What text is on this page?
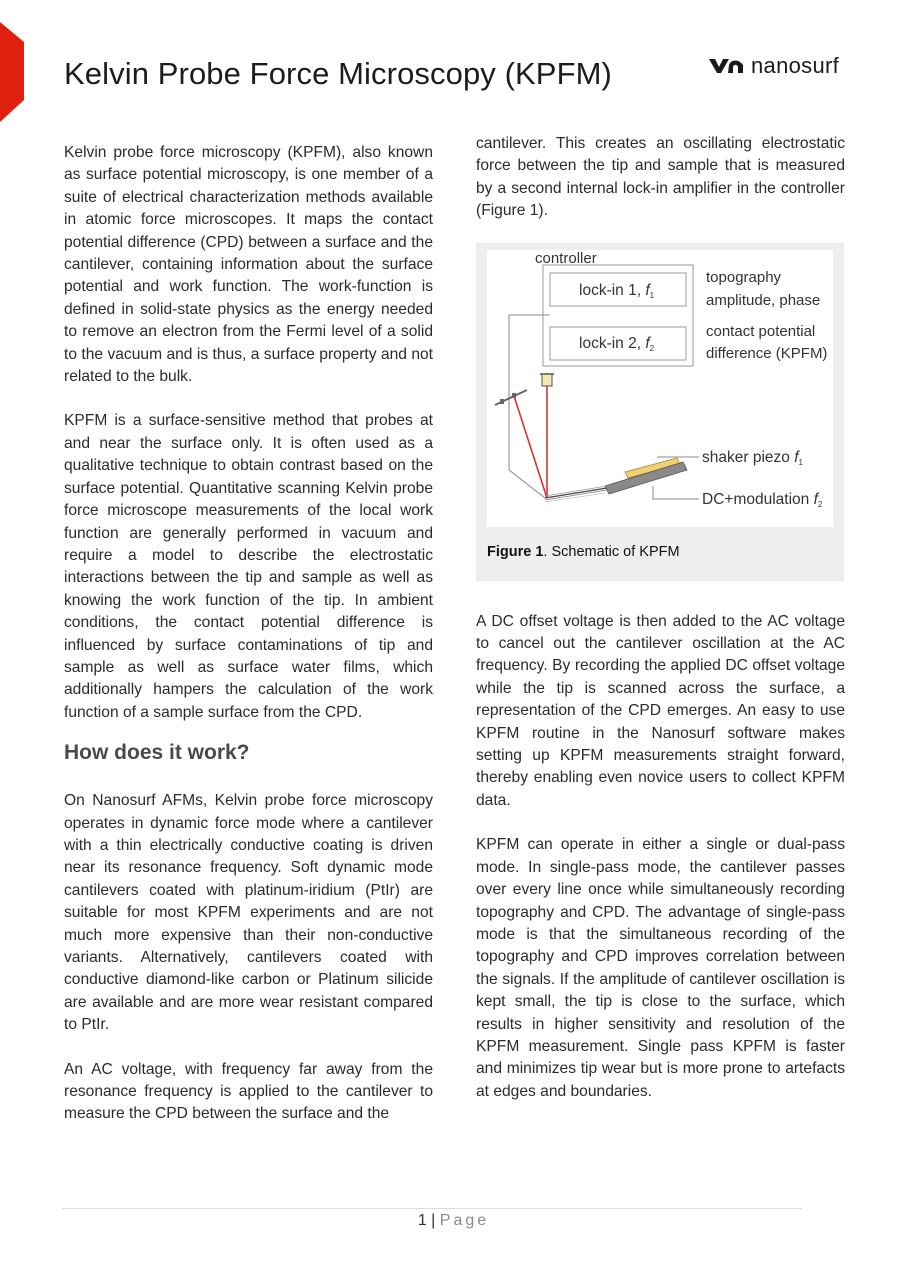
Kelvin Probe Force Microscopy (KPFM)	nanosurf

Kelvin probe force microscopy (KPFM), also known as surface potential microscopy, is one member of a suite of electrical characterization methods available in atomic force microscopes. It maps the contact potential difference (CPD) between a surface and the cantilever, containing information about the surface potential and work function. The work-function is defined in solid-state physics as the energy needed to remove an electron from the Fermi level of a solid to the vacuum and is thus, a surface property and not related to the bulk.

KPFM is a surface-sensitive method that probes at and near the surface only. It is often used as a qualitative technique to obtain contrast based on the surface potential. Quantitative scanning Kelvin probe force microscope measurements of the local work function are generally performed in vacuum and require a model to describe the electrostatic interactions between the tip and sample as well as knowing the work function of the tip. In ambient conditions, the contact potential difference is influenced by surface contaminations of tip and sample as well as surface water films, which additionally hampers the calculation of the work function of a sample surface from the CPD.

How does it work?

On Nanosurf AFMs, Kelvin probe force microscopy operates in dynamic force mode where a cantilever with a thin electrically conductive coating is driven near its resonance frequency. Soft dynamic mode cantilevers coated with platinum-iridium (PtIr) are suitable for most KPFM experiments and are not much more expensive than their non-conductive variants. Alternatively, cantilevers coated with conductive diamond-like carbon or Platinum silicide are available and are more wear resistant compared to PtIr.

An AC voltage, with frequency far away from the resonance frequency is applied to the cantilever to measure the CPD between the surface and the

cantilever. This creates an oscillating electrostatic force between the tip and sample that is measured by a second internal lock-in amplifier in the controller (Figure 1).

controller
lock-in 1, f1
lock-in 2, f2
topography
amplitude, phase
contact potential
difference (KPFM)
shaker piezo f1
DC+modulation f2
Figure 1. Schematic of KPFM

A DC offset voltage is then added to the AC voltage to cancel out the cantilever oscillation at the AC frequency. By recording the applied DC offset voltage while the tip is scanned across the surface, a representation of the CPD emerges. An easy to use KPFM routine in the Nanosurf software makes setting up KPFM measurements straight forward, thereby enabling even novice users to collect KPFM data.

KPFM can operate in either a single or dual-pass mode. In single-pass mode, the cantilever passes over every line once while simultaneously recording topography and CPD. The advantage of single-pass mode is that the simultaneous recording of the topography and CPD improves correlation between the signals. If the amplitude of cantilever oscillation is kept small, the tip is close to the surface, which results in higher sensitivity and resolution of the KPFM measurement. Single pass KPFM is faster and minimizes tip wear but is more prone to artefacts at edges and boundaries.

1 | Page
